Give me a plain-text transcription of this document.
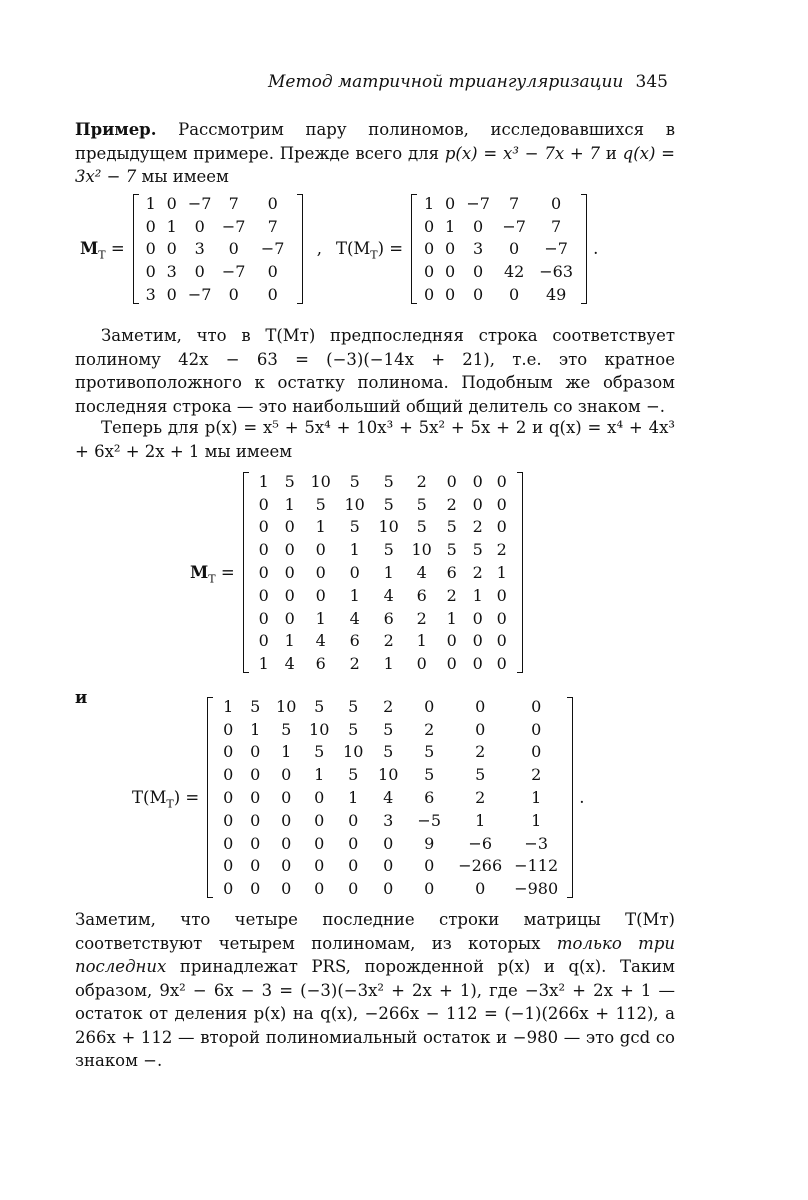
Метод матричной триангуляризации 345
Пример. Рассмотрим пару полиномов, исследовавшихся в предыдущем примере. Прежде всего для p(x) = x³ − 7x + 7 и q(x) = 3x² − 7 мы имеем
$M_T$ =
1	0	−7	7	0
0	1	0	−7	7
0	0	3	0	−7
0	3	0	−7	0
3	0	−7	0	0
, $T(M_T)$ =
1	0	−7	7	0
0	1	0	−7	7
0	0	3	0	−7
0	0	0	42	−63
0	0	0	0	49
.
Заметим, что в T(Mт) предпоследняя строка соответствует полиному 42x − 63 = (−3)(−14x + 21), т.е. это кратное противоположного к остатку полинома. Подобным же образом последняя строка — это наибольший общий делитель со знаком −.
Теперь для p(x) = x⁵ + 5x⁴ + 10x³ + 5x² + 5x + 2 и q(x) = x⁴ + 4x³ + 6x² + 2x + 1 мы имеем
$M_T$ =
1	5	10	5	5	2	0	0	0
0	1	5	10	5	5	2	0	0
0	0	1	5	10	5	5	2	0
0	0	0	1	5	10	5	5	2
0	0	0	0	1	4	6	2	1
0	0	0	1	4	6	2	1	0
0	0	1	4	6	2	1	0	0
0	1	4	6	2	1	0	0	0
1	4	6	2	1	0	0	0	0
и
$T(M_T)$ =
1	5	10	5	5	2	0	0	0
0	1	5	10	5	5	2	0	0
0	0	1	5	10	5	5	2	0
0	0	0	1	5	10	5	5	2
0	0	0	0	1	4	6	2	1
0	0	0	0	0	3	−5	1	1
0	0	0	0	0	0	9	−6	−3
0	0	0	0	0	0	0	−266	−112
0	0	0	0	0	0	0	0	−980
.
Заметим, что четыре последние строки матрицы T(Mт) соответствуют четырем полиномам, из которых только три последних принадлежат PRS, порожденной p(x) и q(x). Таким образом, 9x² − 6x − 3 = (−3)(−3x² + 2x + 1), где −3x² + 2x + 1 — остаток от деления p(x) на q(x), −266x − 112 = (−1)(266x + 112), а 266x + 112 — второй полиномиальный остаток и −980 — это gcd со знаком −.
